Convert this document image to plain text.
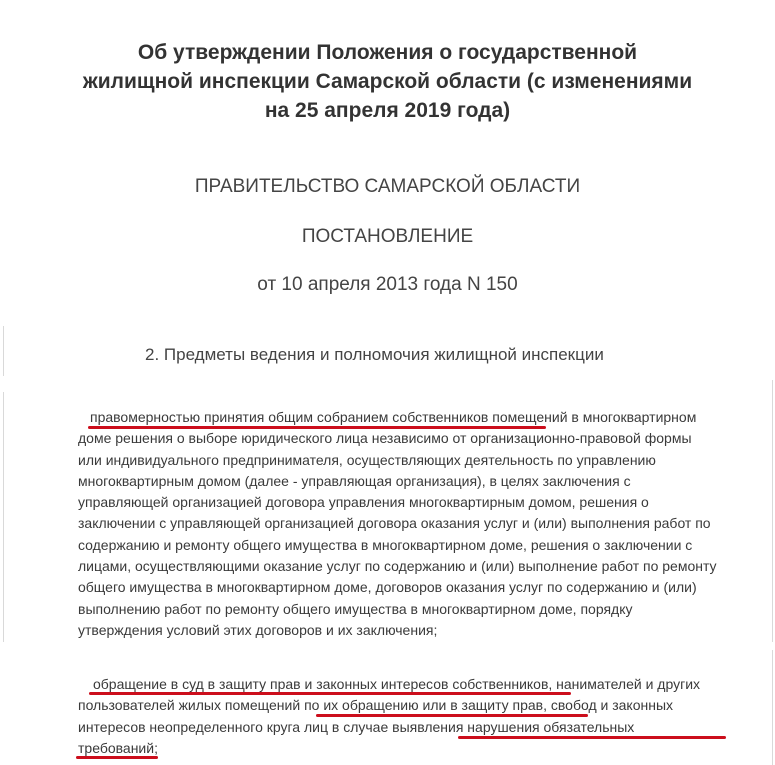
Об утверждении Положения о государственной
жилищной инспекции Самарской области (с изменениями
на 25 апреля 2019 года)
ПРАВИТЕЛЬСТВО САМАРСКОЙ ОБЛАСТИ
ПОСТАНОВЛЕНИЕ
от 10 апреля 2013 года N 150
2. Предметы ведения и полномочия жилищной инспекции
правомерностью принятия общим собранием собственников помещений в многоквартирном
доме решения о выборе юридического лица независимо от организационно-правовой формы
или индивидуального предпринимателя, осуществляющих деятельность по управлению
многоквартирным домом (далее - управляющая организация), в целях заключения с
управляющей организацией договора управления многоквартирным домом, решения о
заключении с управляющей организацией договора оказания услуг и (или) выполнения работ по
содержанию и ремонту общего имущества в многоквартирном доме, решения о заключении с
лицами, осуществляющими оказание услуг по содержанию и (или) выполнение работ по ремонту
общего имущества в многоквартирном доме, договоров оказания услуг по содержанию и (или)
выполнению работ по ремонту общего имущества в многоквартирном доме, порядку
утверждения условий этих договоров и их заключения;
обращение в суд в защиту прав и законных интересов собственников, нанимателей и других
пользователей жилых помещений по их обращению или в защиту прав, свобод и законных
интересов неопределенного круга лиц в случае выявления нарушения обязательных
требований;
